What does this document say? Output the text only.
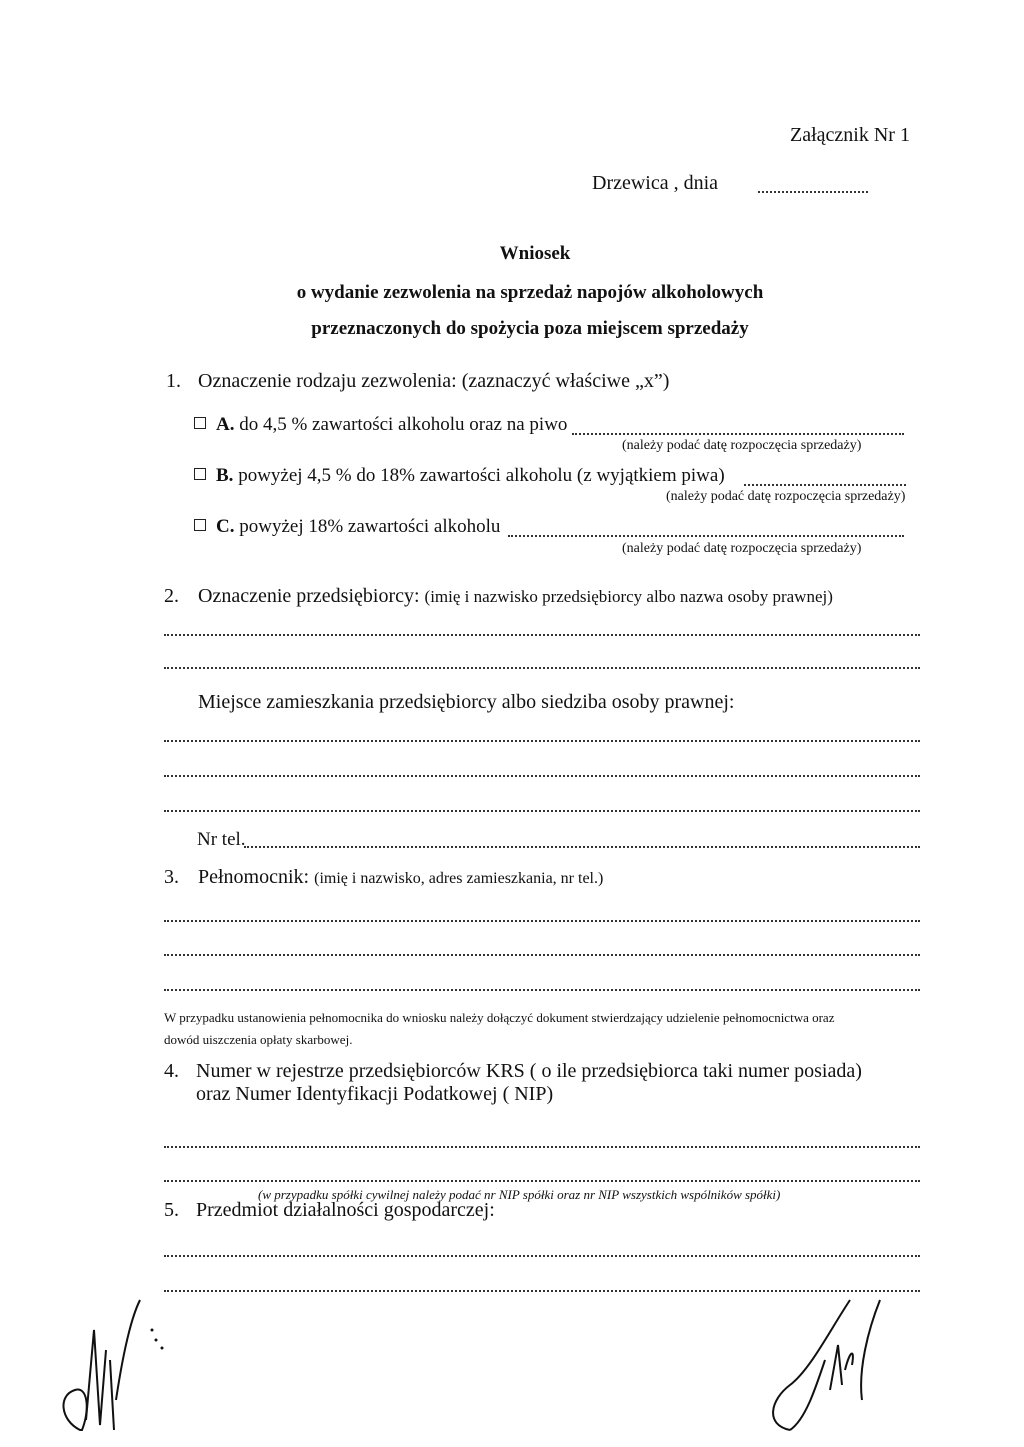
Załącznik Nr 1
Drzewica , dnia
Wniosek
o wydanie zezwolenia na sprzedaż napojów alkoholowych
przeznaczonych do spożycia poza miejscem sprzedaży
1. Oznaczenie rodzaju zezwolenia: (zaznaczyć właściwe „x”)
A. do 4,5 % zawartości alkoholu oraz na piwo
(należy podać datę rozpoczęcia sprzedaży)
B. powyżej 4,5 % do 18% zawartości alkoholu (z wyjątkiem piwa)
(należy podać datę rozpoczęcia sprzedaży)
C. powyżej 18% zawartości alkoholu
(należy podać datę rozpoczęcia sprzedaży)
2. Oznaczenie przedsiębiorcy: (imię i nazwisko przedsiębiorcy albo nazwa osoby prawnej)
Miejsce zamieszkania przedsiębiorcy albo siedziba osoby prawnej:
Nr tel.
3. Pełnomocnik: (imię i nazwisko, adres zamieszkania, nr tel.)
W przypadku ustanowienia pełnomocnika do wniosku należy dołączyć dokument stwierdzający udzielenie pełnomocnictwa oraz
dowód uiszczenia opłaty skarbowej.
4. Numer w rejestrze przedsiębiorców KRS ( o ile przedsiębiorca taki numer posiada)
oraz Numer Identyfikacji Podatkowej ( NIP)
(w przypadku spółki cywilnej należy podać nr NIP spółki oraz nr NIP wszystkich wspólników spółki)
5. Przedmiot działalności gospodarczej:
